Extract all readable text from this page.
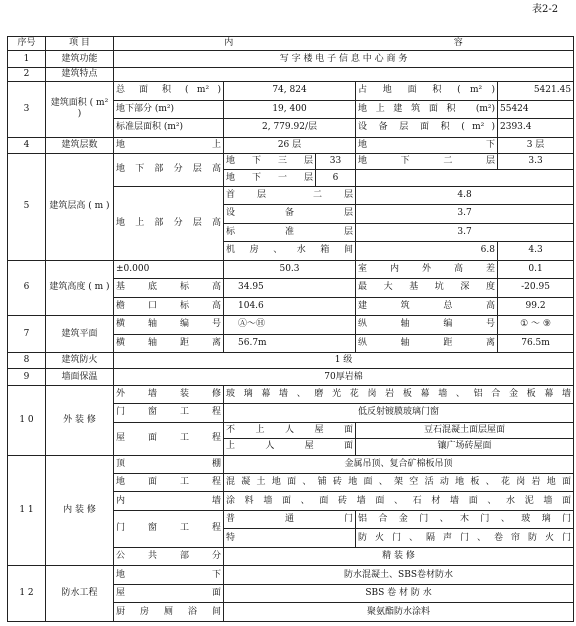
表2-2
序号	项 目	内 容				

1	建筑功能	写 字 楼 电 子 信 息 中 心 商 务				
2	建筑特点					
3	建筑面积 ( m² )	总 面 积 ( m² )	74, 824		占 地 面 积 ( m² )	5421.45
		地下部分 (m²)	19, 400		地上建筑面积 (m²)	55424
		标准层面积 (m²)	2, 779.92/层		设 备 层 面 积 ( m² )	2393.4
4	建筑层数	地 上	26 层		地 下	3 层
5	建筑层高 ( m )	地下部分层高	地 下 三 层	33	地 下 二 层	3.3
			地 下 一 层	6		
		地上部分层高	首层 二层		4.8	
			设 备 层		3.7	
			标 准 层		3.7	
			机房、水箱间		6.8	4.3
6	建筑高度 ( m )	±0.000	50.3		室 内 外 高 差	0.1
		基 底 标 高	34.95		最 大 基 坑 深 度	-20.95
		檐 口 标 高	104.6		建 筑 总 高	99.2
7	建筑平面	横 轴 编 号	Ⓐ～Ⓗ		纵 轴 编 号	① ～ ⑨
		横 轴 距 离	56.7m		纵 轴 距 离	76.5m
8	建筑防火	1 级				
9	墙面保温	70厚岩棉				
1 0	外 装 修	外 墙 装 修	玻璃幕墙、磨光花岗岩板幕墙、铝合金板幕墙			
		门 窗 工 程	低反射镀膜玻璃门窗			
		屋 面 工 程	不 上 人 屋 面		豆石混凝土面层屋面	
			上 人 屋 面		镶广场砖屋面	
1 1	内 装 修	顶 棚	金属吊顶、复合矿棉板吊顶			
		地 面 工 程	混凝土地面、铺砖地面、架空活动地板、花岗岩地面			
		内 墙	涂料墙面、面砖墙面、石材墙面、水泥墙面			
		门 窗 工 程	普 通 门		铝合金门、木门、玻璃门	
			特		防火门、隔声门、卷帘防火门	
		公 共 部 分	精 装 修			
1 2	防水工程	地 下	防水混凝土、SBS卷材防水			
		屋 面	SBS 卷 材 防 水			
		厨房厕浴间	聚氨酯防水涂料			
